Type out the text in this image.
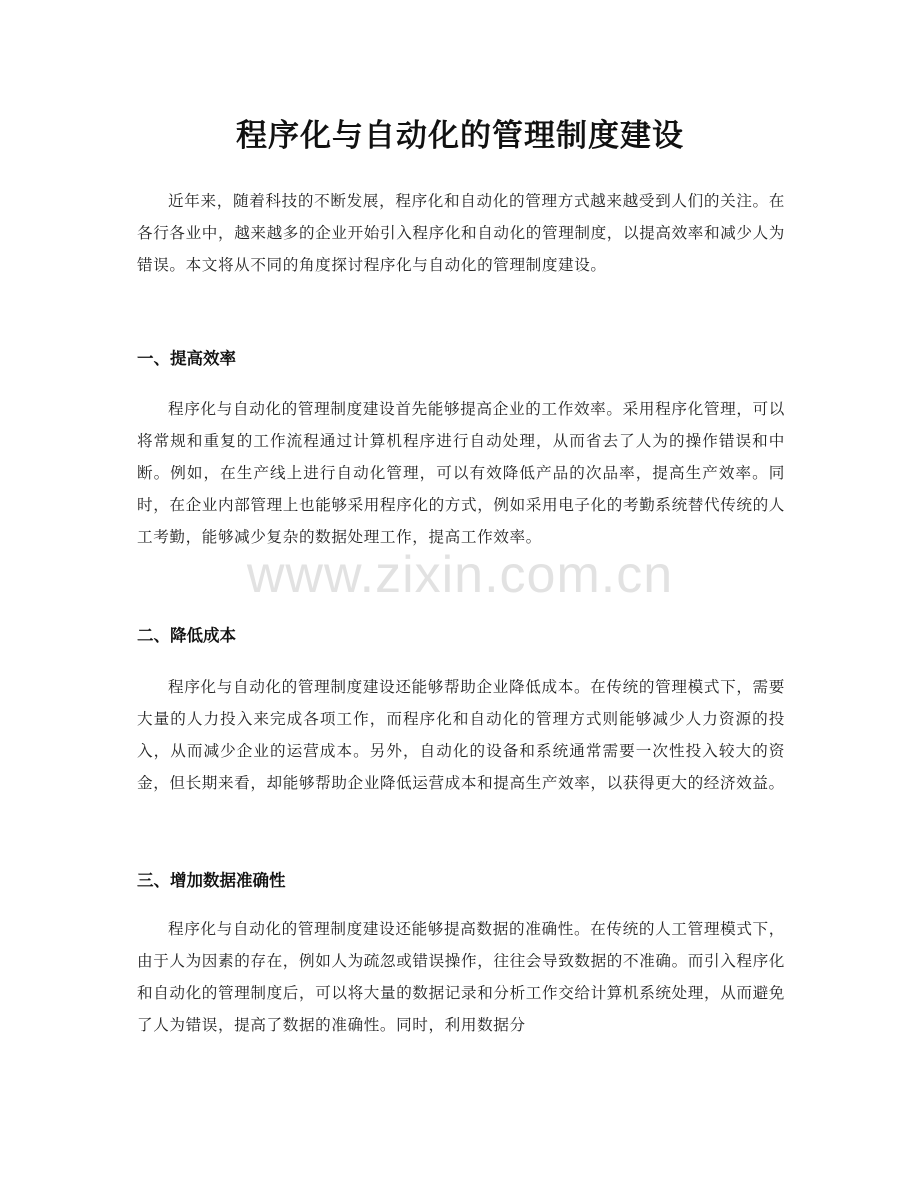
程序化与自动化的管理制度建设

近年来，随着科技的不断发展，程序化和自动化的管理方式越来越受到人们的关注。在各行各业中，越来越多的企业开始引入程序化和自动化的管理制度，以提高效率和减少人为错误。本文将从不同的角度探讨程序化与自动化的管理制度建设。

一、提高效率

程序化与自动化的管理制度建设首先能够提高企业的工作效率。采用程序化管理，可以将常规和重复的工作流程通过计算机程序进行自动处理，从而省去了人为的操作错误和中断。例如，在生产线上进行自动化管理，可以有效降低产品的次品率，提高生产效率。同时，在企业内部管理上也能够采用程序化的方式，例如采用电子化的考勤系统替代传统的人工考勤，能够减少复杂的数据处理工作，提高工作效率。

二、降低成本

程序化与自动化的管理制度建设还能够帮助企业降低成本。在传统的管理模式下，需要大量的人力投入来完成各项工作，而程序化和自动化的管理方式则能够减少人力资源的投入，从而减少企业的运营成本。另外，自动化的设备和系统通常需要一次性投入较大的资金，但长期来看，却能够帮助企业降低运营成本和提高生产效率，以获得更大的经济效益。

三、增加数据准确性

程序化与自动化的管理制度建设还能够提高数据的准确性。在传统的人工管理模式下，由于人为因素的存在，例如人为疏忽或错误操作，往往会导致数据的不准确。而引入程序化和自动化的管理制度后，可以将大量的数据记录和分析工作交给计算机系统处理，从而避免了人为错误，提高了数据的准确性。同时，利用数据分

www.zixin.com.cn
